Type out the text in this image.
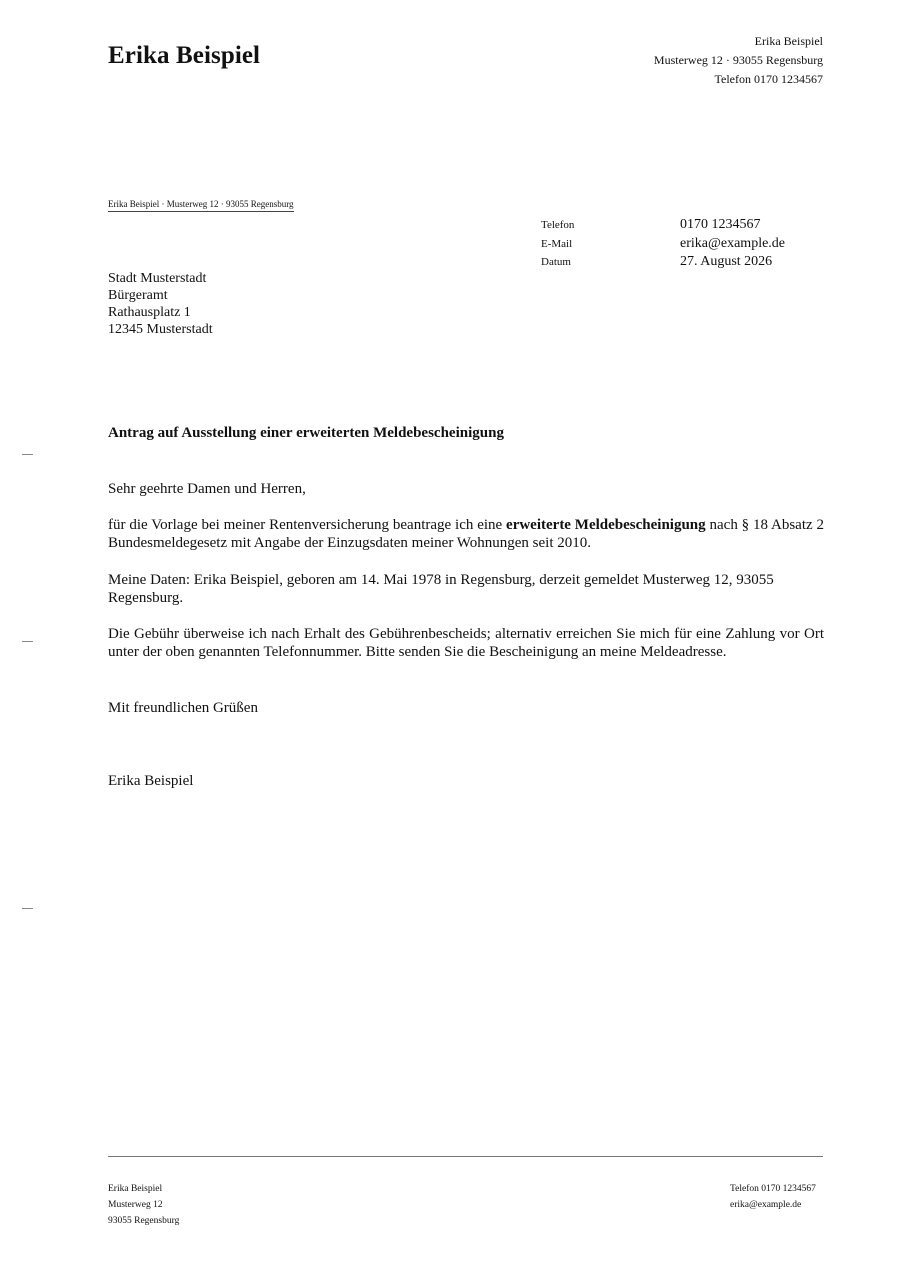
Erika Beispiel
Erika Beispiel
Musterweg 12 · 93055 Regensburg
Telefon 0170 1234567
Erika Beispiel · Musterweg 12 · 93055 Regensburg
Telefon	0170 1234567
E-Mail	erika@example.de
Datum	27. August 2026
Stadt Musterstadt
Bürgeramt
Rathausplatz 1
12345 Musterstadt
Antrag auf Ausstellung einer erweiterten Meldebescheinigung

Sehr geehrte Damen und Herren,

für die Vorlage bei meiner Rentenversicherung beantrage ich eine erweiterte Meldebescheinigung nach § 18 Absatz 2 Bundesmeldegesetz mit Angabe der Einzugsdaten meiner Wohnungen seit 2010.

Meine Daten: Erika Beispiel, geboren am 14. Mai 1978 in Regensburg, derzeit gemeldet Musterweg 12, 93055 Regensburg.

Die Gebühr überweise ich nach Erhalt des Gebührenbescheids; alternativ erreichen Sie mich für eine Zahlung vor Ort unter der oben genannten Telefonnummer. Bitte senden Sie die Bescheinigung an meine Meldeadresse.

Mit freundlichen Grüßen
Erika Beispiel
Erika Beispiel
Musterweg 12
93055 Regensburg
Telefon 0170 1234567
erika@example.de
